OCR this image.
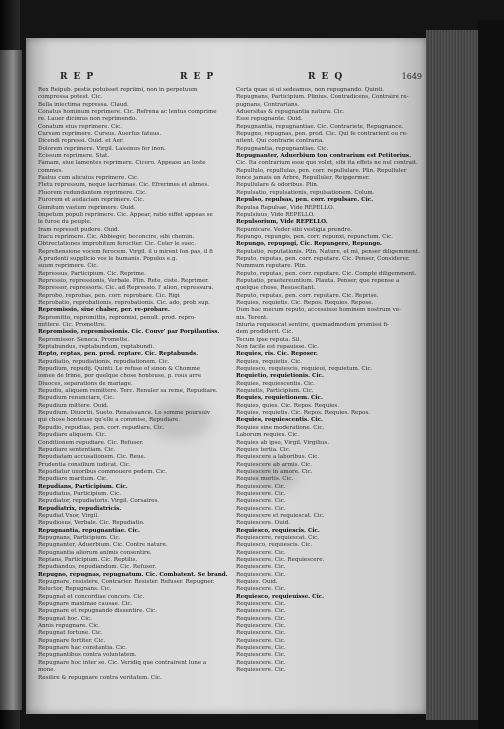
REP	REP	REQ	1649
Rex Reipub. pestis potuisset repriimi, non in perpetuum
compressa potest. Cic.
Bella iniectima repressa. Claud.
Conatus hominum reprimere. Cic. Refrena ac lentus comprime
re. Lauer dicimus non reprimendo.
Conatum eius reprimere. Cic.
Cursum reprimere. Cursus. Auerfus fatuus.
Dicendi repressi. Ouid. et Aer.
Dolorem reprimere. Virgil. Lassinus fer inon.
Ecissum reprimere. Stat.
Famam, siue lamentes reprimere. Cicero. Appease an loste
commes.
Fastus cum alicuius reprimere. Cic.
Fletu repressum, neque lacrhimas. Cic. Efrerimes et alimes.
Fluorem redundantem reprimere. Cic.
Furorem et audaciam reprimere. Cic.
Gemitum vastum reprimere. Ouid.
Impetum populi reprimere. Cic. Appear, ratio eiffet appeas se
le furoe du peuple.
Iram repressit pudore. Ouid.
Iracu reprimere. Cic. Abbieger, beconcire, sibi chemin.
Obtrectationes improbitum ferociter. Cic. Celer le suec.
Reprehensione vocem ferocem. Virgil. il u mirent fon pas, il fi
A prudenti supplicio vos le humanis. Populos e.g.
suum reprimere. Cic.
Repressus, Participium. Cic. Reprime.
Repressio, repressionis, Verbale. Plin. Rete, ciste. Reprimer.
Repressor, repressoris. Cic. ad Repressio. l' alion, repressura.
Reprobo, reprobas, pen. corr. reprobare. Cic. Rigi
Reprobatio, reprobationis, reprobationis. Cic. ado, prob sup.
Repromissio, siue chaber, per. re-probare.
Repromitto, repromittis, repromisi, penult. prod. repro-
mittere. Cic. Promettre.
Repromissio, repromissionis. Cic. Couvr' par Porpilantiss.
Repromissor. Seneca. Promette.
Reptabundus, reptabundum, reptabundi.
Repto, reptas, pen. prod. reptare. Cic. Reptabunds.
Repudiatio, repudiationis, repudiationem. Cic.
Repudium, repudij. Quinti. Le refuse of sinon & Chomme
iomee de frime, por quelque chose honteuse, p. rous arre
Diuoces, separations de mariage.
Repudiu, aliquem remittere. Terc. Renuler sa reme, Repudiare.
Repudium renunciare, Cic.
Repudium mittere. Ouid.
Repudium. Diuortii. Sueto. Renaissance. Lo somme poursuiv
qui chose honteuse qu'elle a commise, Repudiare.
Repudio, repudias, pen. corr. repudiare. Cic.
Repudiare aliquem. Cic.
Conditionem repudiare. Cic. Refuser.
Repudiare sententiam. Cic.
Repudiatam accusationem. Cic. Reue.
Prudentia consilium iudicat. Cic.
Repudiatur uxoribus commouere pedem. Cic.
Repudiare maritum. Cic.
Repudians, Participium. Cic.
Repudiatus, Participium. Cic.
Repudiator, repudiatoris. Virgil. Corsaires.
Repudiatrix, repudiatricis.
Repudiat Vxor, Virgil.
Repudiosus, Verbale. Cic. Repudiatio.
Repugnantia, repugnantiae. Cic.
Repugnans, Participium. Cic.
Repugnanter, Aduerbium. Cic. Contre nature.
Repugnantia aliorum animis consentire.
Reptans, Participium. Cic. Reptilis.
Repudiandus, repudiandum. Cic. Refuser.
Repugno, repugnas, repugnatum. Cic. Combatent. Se brand.
Repugnare, resistere, Contrarier. Resister. Refuser. Repugner.
Reluctor, Repugnans. Cic.
Repugnat et concordiae concors. Cic.
Repugnare maximae causae. Cic.
Repugnare et repugnando dissentire. Cic.
Repugnat hoc. Cic.
Annis repugnare. Cic.
Repugnat fortune. Cic.
Repugnare fortiter. Cic.
Repugnare hac constantia. Cic.
Repugnantibus contra voluntatem.
Repugnare hoc inter se. Cic. Veridiq que contrairent lune a
mone.
Resilire & repugnare contra veritatem. Cic.
Certa quae si ui sedeamus, non repugnando. Quinti.
Repugnans, Participium. Plinius. Contradicens, Contraire re-
pugnans, Contrarians.
Aduersitas & repugnantia natura. Cic.
Esse repugnante. Ouid.
Repugnantia, repugnantiae. Cic. Contrariete, Repugnance.
Repugno, repugnas, pen. prod. Cic. Qui fe contrarient ou re-
nitent. Qui contrarie contraria.
Repugnantia, repugnantiae. Cic.
Repugnanter, Aduerbium ton contrarium est Petitorius.
Cic. Ita contrarium esse que volet, sibi ita effets ne nul contrait.
Repullulo, repullulas, pen. corr. repullulare. Plin. Repulluler
fonce jamais un Arbre, Repulluler, Reipgermer.
Repullulare & odoribus. Plin.
Repulsatio, repulsationis, repulsationem. Colum.
Repulso, repulsas, pen. corr. repulsare. Cic.
Repulsa Repulsae, Vide REPELLO.
Repulsiuus, Vide REPELLO.
Repulsorium, Vide REPELLO.
Repumicare. Veder sibi vestigia prendre.
Repungo, repungis, pen. corr. repunxi, repunctum. Cic.
Repungo, repupugi, Cic. Repungere, Repungo.
Reputatio, reputationis. Plin. Nature, et mi, penser diligemment.
Reputo, reputas, pen. corr. reputare. Cic. Penser, Considerer.
Nummum reputare. Plin.
Reputo, reputas, pen. corr. reputare. Cic. Compte diligemment.
Reputatio, praetereuntium. Plauta. Penser, que repense a
quelque chose, Resuscitant.
Reputo, reputas, pen. corr. reputare. Cic. Reprise.
Requies, requietis. Cic. Repos. Requies. Repose.
Dum hac mecum reputo, accessisse hominem nostrum ve-
nis. Terent.
Iniuria requiescat sentire, quemadmodum promissi fi-
dem prodiderit. Cic.
Tecum ipse reputa. Sil.
Non facile est repauisse. Cic.
Requies, ris. Cic. Reposer.
Requies, requietis. Cic.
Requiesco, requiescis, requieui, requietum. Cic.
Requietio, requietionis. Cic.
Requies, requiescentis. Cic.
Requietis, Participium. Cic.
Requies, requietionem. Cic.
Requies, quies. Cic. Repos. Requies.
Requies, requietis. Cic. Repos. Requies. Repos.
Requies, requiescentis. Cic.
Requies sine moderatione. Cic.
Laborum requies. Cic.
Requies ab ipso, Virgil. Virgilius.
Requies tertia. Cic.
Requiescere a laboribus. Cic.
Requiescere ab armis. Cic.
Requiescere in amore. Cic.
Requies mortis. Cic.
Requiescere. Cic.
Requiescere. Cic.
Requiescere. Cic.
Requiescere. Cic.
Requiescere et requiescat. Cic.
Requiescere. Ouid.
Requiesco, requiescis. Cic.
Requiescere, requiescat. Cic.
Requiesco, requiescis. Cic.
Requiescere. Cic.
Requiescere. Cic. Requiescere.
Requiescere. Cic.
Requiescere. Cic.
Requies. Ouid.
Requiescere. Cic.
Requiesco, requieuisse. Cic.
Requiescere. Cic.
Requiescere. Cic.
Requiescere. Cic.
Requiescere. Cic.
Requiescere. Cic.
Requiescere. Cic.
Requiescere. Cic.
Requiescere. Cic.
Requiescere. Cic.
Requiescere. Cic.
